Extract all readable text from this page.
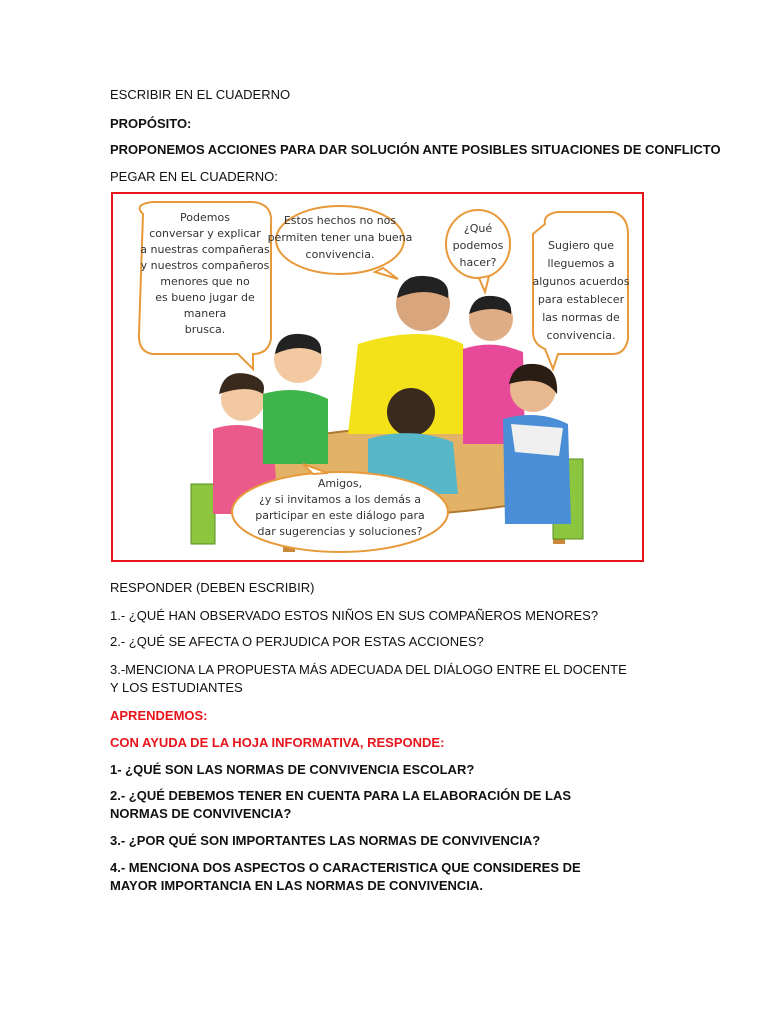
ESCRIBIR EN EL CUADERNO
PROPÓSITO:
PROPONEMOS ACCIONES PARA DAR SOLUCIÓN ANTE POSIBLES SITUACIONES DE CONFLICTO
PEGAR EN EL CUADERNO:
Podemos conversar y explicar a nuestras compañeras y nuestros compañeros menores que no es bueno jugar de manera brusca.
Estos hechos no nos permiten tener una buena convivencia.
¿Qué podemos hacer?
Sugiero que lleguemos a algunos acuerdos para establecer las normas de convivencia.
Amigos, ¿y si invitamos a los demás a participar en este diálogo para dar sugerencias y soluciones?
RESPONDER (DEBEN ESCRIBIR)
1.- ¿QUÉ HAN OBSERVADO ESTOS NIÑOS EN SUS COMPAÑEROS MENORES?
2.- ¿QUÉ SE AFECTA O PERJUDICA POR ESTAS ACCIONES?
3.-MENCIONA LA PROPUESTA MÁS ADECUADA DEL DIÁLOGO ENTRE EL DOCENTE Y LOS ESTUDIANTES
APRENDEMOS:
CON AYUDA DE LA HOJA INFORMATIVA, RESPONDE:
1- ¿QUÉ SON LAS NORMAS DE CONVIVENCIA ESCOLAR?
2.- ¿QUÉ DEBEMOS TENER EN CUENTA PARA LA ELABORACIÓN DE LAS NORMAS DE CONVIVENCIA?
3.- ¿POR QUÉ SON IMPORTANTES LAS NORMAS DE CONVIVENCIA?
4.- MENCIONA DOS ASPECTOS O CARACTERISTICA QUE CONSIDERES DE MAYOR IMPORTANCIA EN LAS NORMAS DE CONVIVENCIA.
